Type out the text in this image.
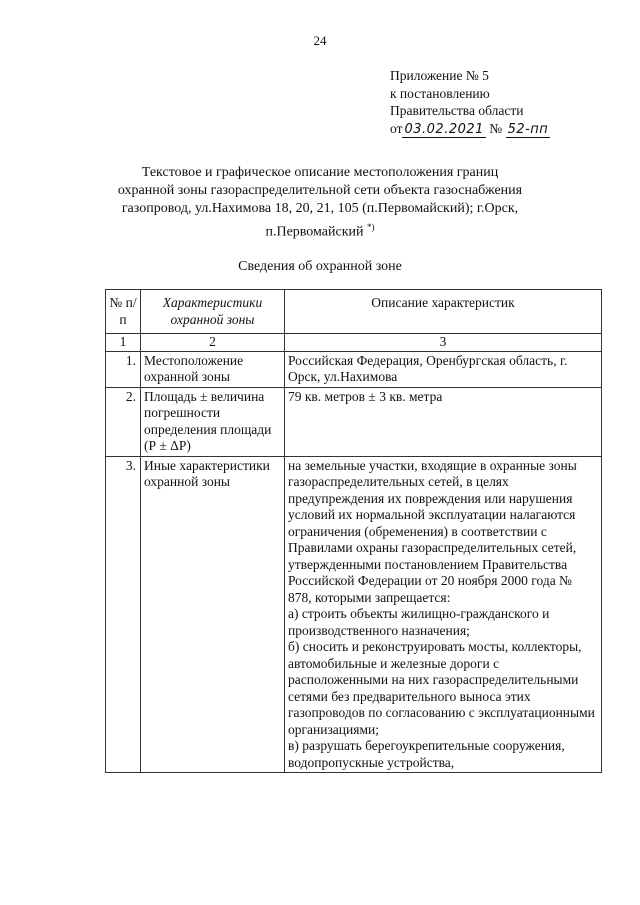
24
Приложение № 5
к постановлению
Правительства области
от 03.02.2021 № 52-пп
Текстовое и графическое описание местоположения границ
охранной зоны газораспределительной сети объекта газоснабжения
газопровод, ул.Нахимова 18, 20, 21, 105 (п.Первомайский); г.Орск,
п.Первомайский *)
Сведения об охранной зоне
№ п/п	Характеристики охранной зоны	Описание характеристик
1	2	3
1.	Местоположение охранной зоны	Российская Федерация, Оренбургская область, г. Орск, ул.Нахимова

2.	Площадь ± величина погрешности определения площади (Р ± ΔР)	79 кв. метров ± 3 кв. метра

3.	Иные характеристики охранной зоны	на земельные участки, входящие в охранные зоны газораспределительных сетей, в целях предупреждения их повреждения или нарушения условий их нормальной эксплуатации налагаются ограничения (обременения) в соответствии с Правилами охраны газораспределительных сетей, утвержденными постановлением Правительства Российской Федерации от 20 ноября 2000 года № 878, которыми запрещается:
а) строить объекты жилищно-гражданского и производственного назначения;
б) сносить и реконструировать мосты, коллекторы, автомобильные и железные дороги с расположенными на них газораспределительными сетями без предварительного выноса этих газопроводов по согласованию с эксплуатационными организациями;
в) разрушать берегоукрепительные сооружения, водопропускные устройства,
